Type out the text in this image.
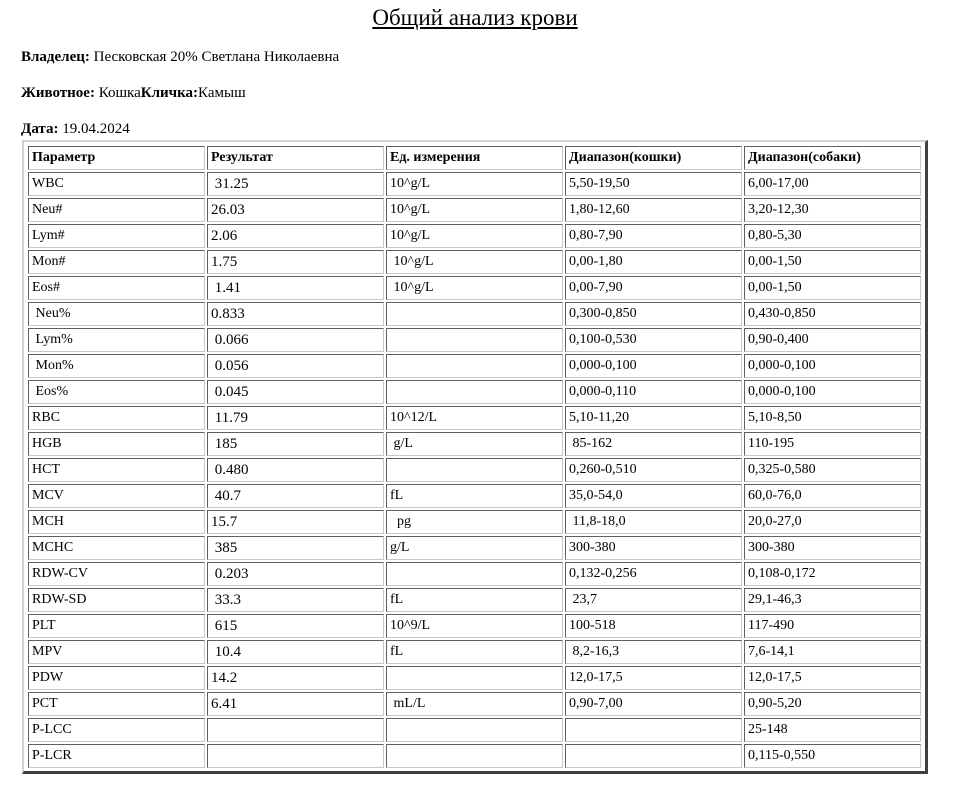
Общий анализ крови
Владелец: Песковская 20% Светлана Николаевна
Животное: КошкаКличка:Камыш
Дата: 19.04.2024
Параметр	Результат	Ед. измерения	Диапазон(кошки)	Диапазон(собаки)
WBC	31.25	10^g/L	5,50-19,50	6,00-17,00
Neu#	26.03	10^g/L	1,80-12,60	3,20-12,30
Lym#	2.06	10^g/L	0,80-7,90	0,80-5,30
Mon#	1.75	10^g/L	0,00-1,80	0,00-1,50
Eos#	1.41	10^g/L	0,00-7,90	0,00-1,50
Neu%	0.833		0,300-0,850	0,430-0,850
Lym%	0.066		0,100-0,530	0,90-0,400
Mon%	0.056		0,000-0,100	0,000-0,100
Eos%	0.045		0,000-0,110	0,000-0,100
RBC	11.79	10^12/L	5,10-11,20	5,10-8,50
HGB	185	g/L	85-162	110-195
HCT	0.480		0,260-0,510	0,325-0,580
MCV	40.7	fL	35,0-54,0	60,0-76,0
MCH	15.7	pg	11,8-18,0	20,0-27,0
MCHC	385	g/L	300-380	300-380
RDW-CV	0.203		0,132-0,256	0,108-0,172
RDW-SD	33.3	fL	23,7	29,1-46,3
PLT	615	10^9/L	100-518	117-490
MPV	10.4	fL	8,2-16,3	7,6-14,1
PDW	14.2		12,0-17,5	12,0-17,5
PCT	6.41	mL/L	0,90-7,00	0,90-5,20
P-LCC				25-148
P-LCR				0,115-0,550
